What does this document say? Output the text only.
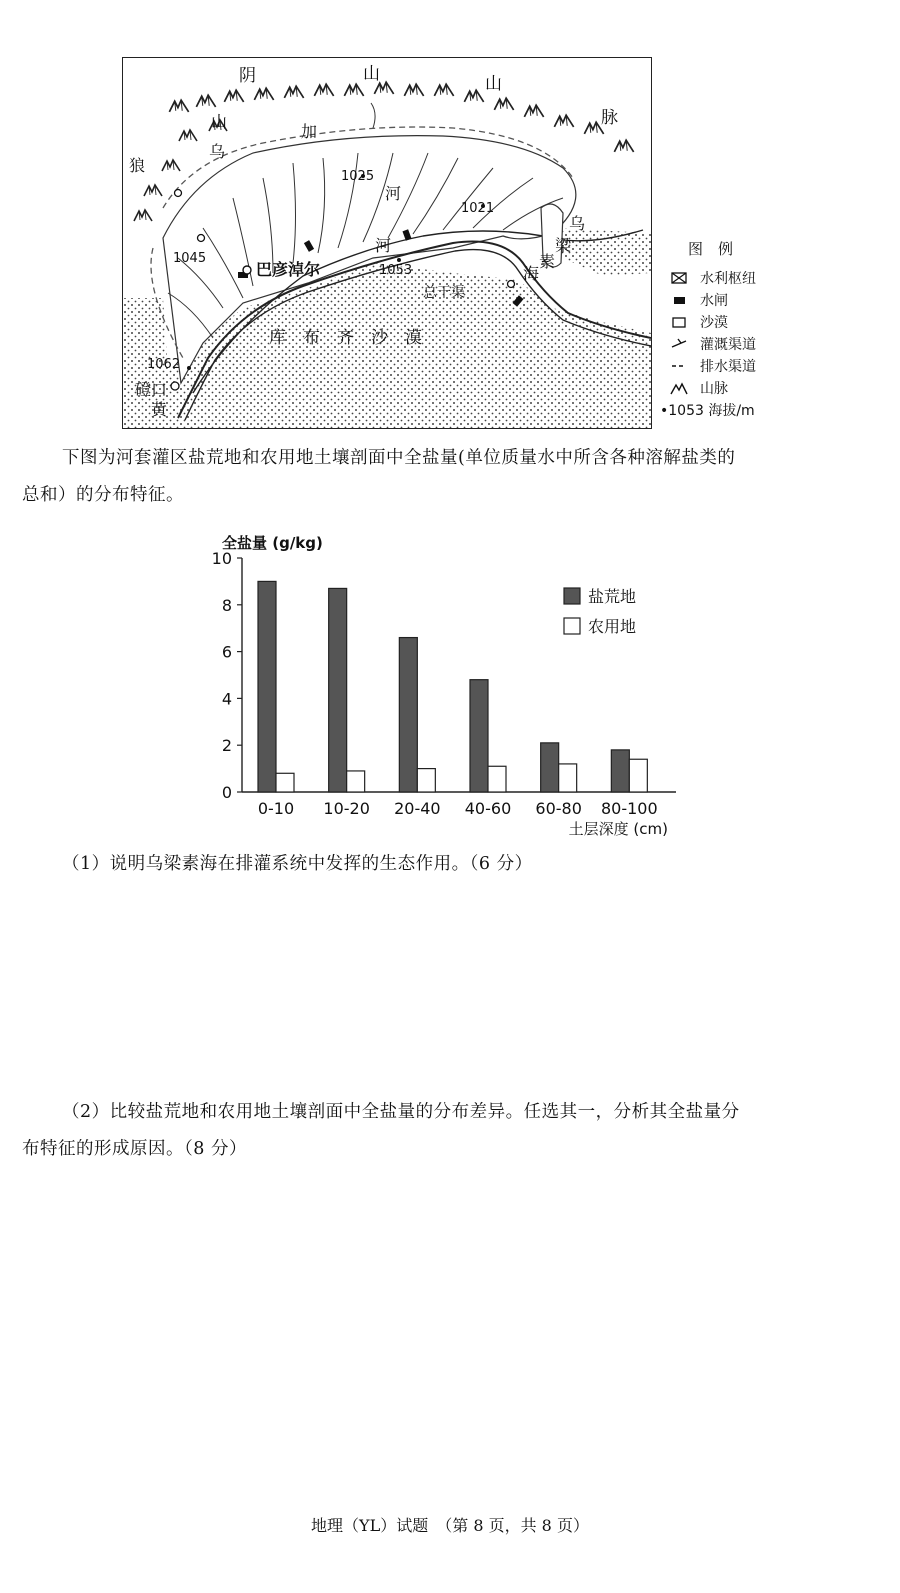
阴	山	山
脉
狼
山
乌
加
河
河
巴彦淖尔
库　布　齐　沙　漠
总干渠
乌
梁
素
海
磴口
黄
1025
1021
1045
1053
1062
图　例
水利枢纽
水闸
沙漠
灌溉渠道
排水渠道
山脉
•1053 海拔/m
下图为河套灌区盐荒地和农用地土壤剖面中全盐量(单位质量水中所含各种溶解盐类的
总和）的分布特征。
0
2
4
6
8
10
全盐量 (g/kg)
0-10 10-20 20-40 40-60 60-80 80-100
土层深度 (cm)
盐荒地
农用地
（1）说明乌梁素海在排灌系统中发挥的生态作用。（6 分）
（2）比较盐荒地和农用地土壤剖面中全盐量的分布差异。任选其一，分析其全盐量分
布特征的形成原因。（8 分）
地理（YL）试题　（第 8 页，共 8 页）
